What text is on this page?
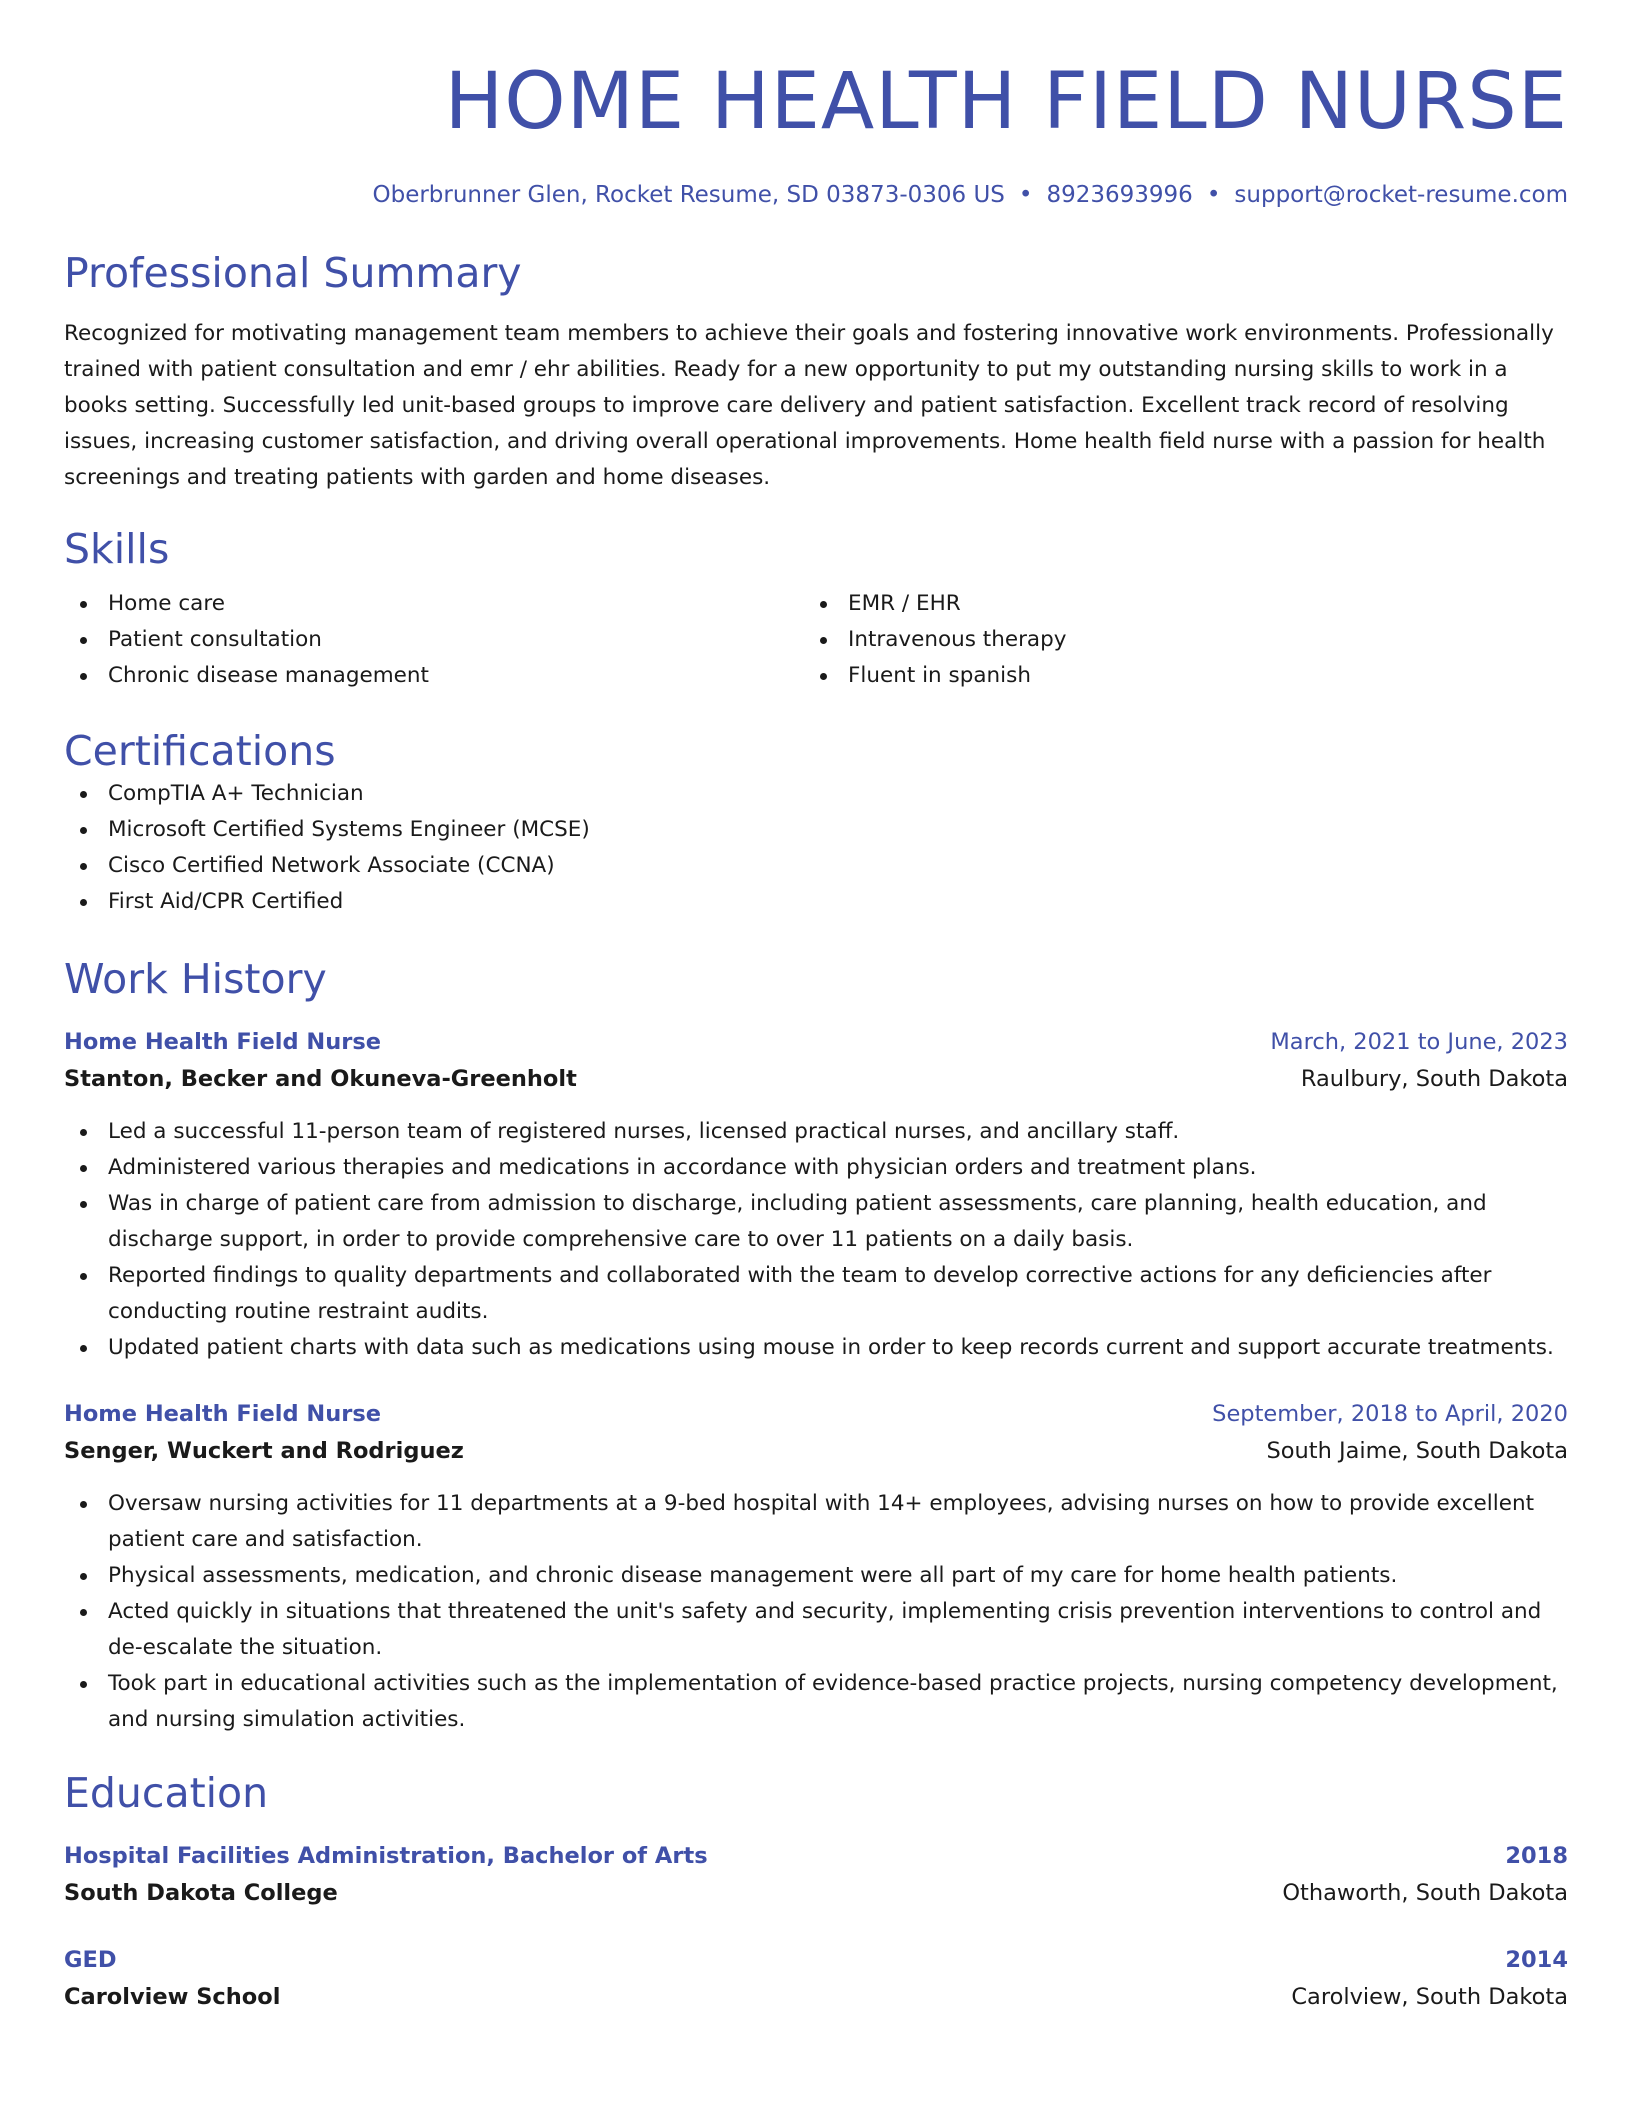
HOME HEALTH FIELD NURSE
Oberbrunner Glen, Rocket Resume, SD 03873-0306 US • 8923693996 • support@rocket-resume.com
Professional Summary
Recognized for motivating management team members to achieve their goals and fostering innovative work environments. Professionally trained with patient consultation and emr / ehr abilities. Ready for a new opportunity to put my outstanding nursing skills to work in a books setting. Successfully led unit-based groups to improve care delivery and patient satisfaction. Excellent track record of resolving issues, increasing customer satisfaction, and driving overall operational improvements. Home health field nurse with a passion for health screenings and treating patients with garden and home diseases.
Skills
Home care
Patient consultation
Chronic disease management
EMR / EHR
Intravenous therapy
Fluent in spanish
Certifications
CompTIA A+ Technician
Microsoft Certified Systems Engineer (MCSE)
Cisco Certified Network Associate (CCNA)
First Aid/CPR Certified
Work History
Home Health Field Nurse	March, 2021 to June, 2023
Stanton, Becker and Okuneva-Greenholt	Raulbury, South Dakota
Led a successful 11-person team of registered nurses, licensed practical nurses, and ancillary staff.
Administered various therapies and medications in accordance with physician orders and treatment plans.
Was in charge of patient care from admission to discharge, including patient assessments, care planning, health education, and discharge support, in order to provide comprehensive care to over 11 patients on a daily basis.
Reported findings to quality departments and collaborated with the team to develop corrective actions for any deficiencies after conducting routine restraint audits.
Updated patient charts with data such as medications using mouse in order to keep records current and support accurate treatments.
Home Health Field Nurse	September, 2018 to April, 2020
Senger, Wuckert and Rodriguez	South Jaime, South Dakota
Oversaw nursing activities for 11 departments at a 9-bed hospital with 14+ employees, advising nurses on how to provide excellent patient care and satisfaction.
Physical assessments, medication, and chronic disease management were all part of my care for home health patients.
Acted quickly in situations that threatened the unit's safety and security, implementing crisis prevention interventions to control and de-escalate the situation.
Took part in educational activities such as the implementation of evidence-based practice projects, nursing competency development, and nursing simulation activities.
Education
Hospital Facilities Administration, Bachelor of Arts	2018
South Dakota College	Othaworth, South Dakota
GED	2014
Carolview School	Carolview, South Dakota
